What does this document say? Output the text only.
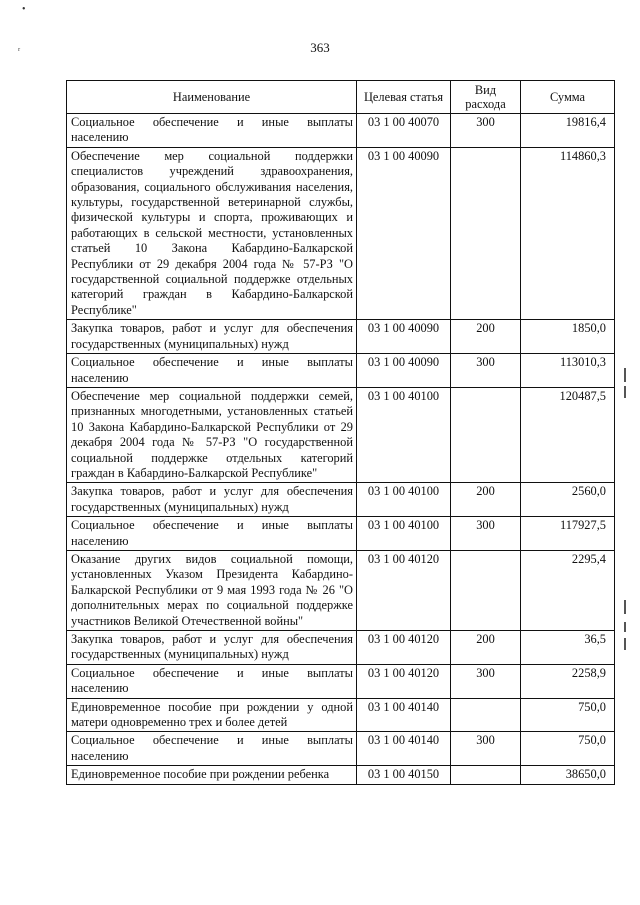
•
ᵣ	363
Наименование	Целевая статья	Вид расхода	Сумма
Социальное обеспечение и иные выплаты населению	03 1 00 40070	300	19816,4
Обеспечение мер социальной поддержки специалистов учреждений здравоохранения, образования, социального обслуживания населения, культуры, государственной ветеринарной службы, физической культуры и спорта, проживающих и работающих в сельской местности, установленных статьей 10 Закона Кабардино-Балкарской Республики от 29 декабря 2004 года № 57-РЗ "О государственной социальной поддержке отдельных категорий граждан в Кабардино-Балкарской Республике"	03 1 00 40090		114860,3
Закупка товаров, работ и услуг для обеспечения государственных (муниципальных) нужд	03 1 00 40090	200	1850,0
Социальное обеспечение и иные выплаты населению	03 1 00 40090	300	113010,3
Обеспечение мер социальной поддержки семей, признанных многодетными, установленных статьей 10 Закона Кабардино-Балкарской Республики от 29 декабря 2004 года № 57-РЗ "О государственной социальной поддержке отдельных категорий граждан в Кабардино-Балкарской Республике"	03 1 00 40100		120487,5
Закупка товаров, работ и услуг для обеспечения государственных (муниципальных) нужд	03 1 00 40100	200	2560,0
Социальное обеспечение и иные выплаты населению	03 1 00 40100	300	117927,5
Оказание других видов социальной помощи, установленных Указом Президента Кабардино-Балкарской Республики от 9 мая 1993 года № 26 "О дополнительных мерах по социальной поддержке участников Великой Отечественной войны"	03 1 00 40120		2295,4
Закупка товаров, работ и услуг для обеспечения государственных (муниципальных) нужд	03 1 00 40120	200	36,5
Социальное обеспечение и иные выплаты населению	03 1 00 40120	300	2258,9
Единовременное пособие при рождении у одной матери одновременно трех и более детей	03 1 00 40140		750,0
Социальное обеспечение и иные выплаты населению	03 1 00 40140	300	750,0
Единовременное пособие при рождении ребенка	03 1 00 40150		38650,0
